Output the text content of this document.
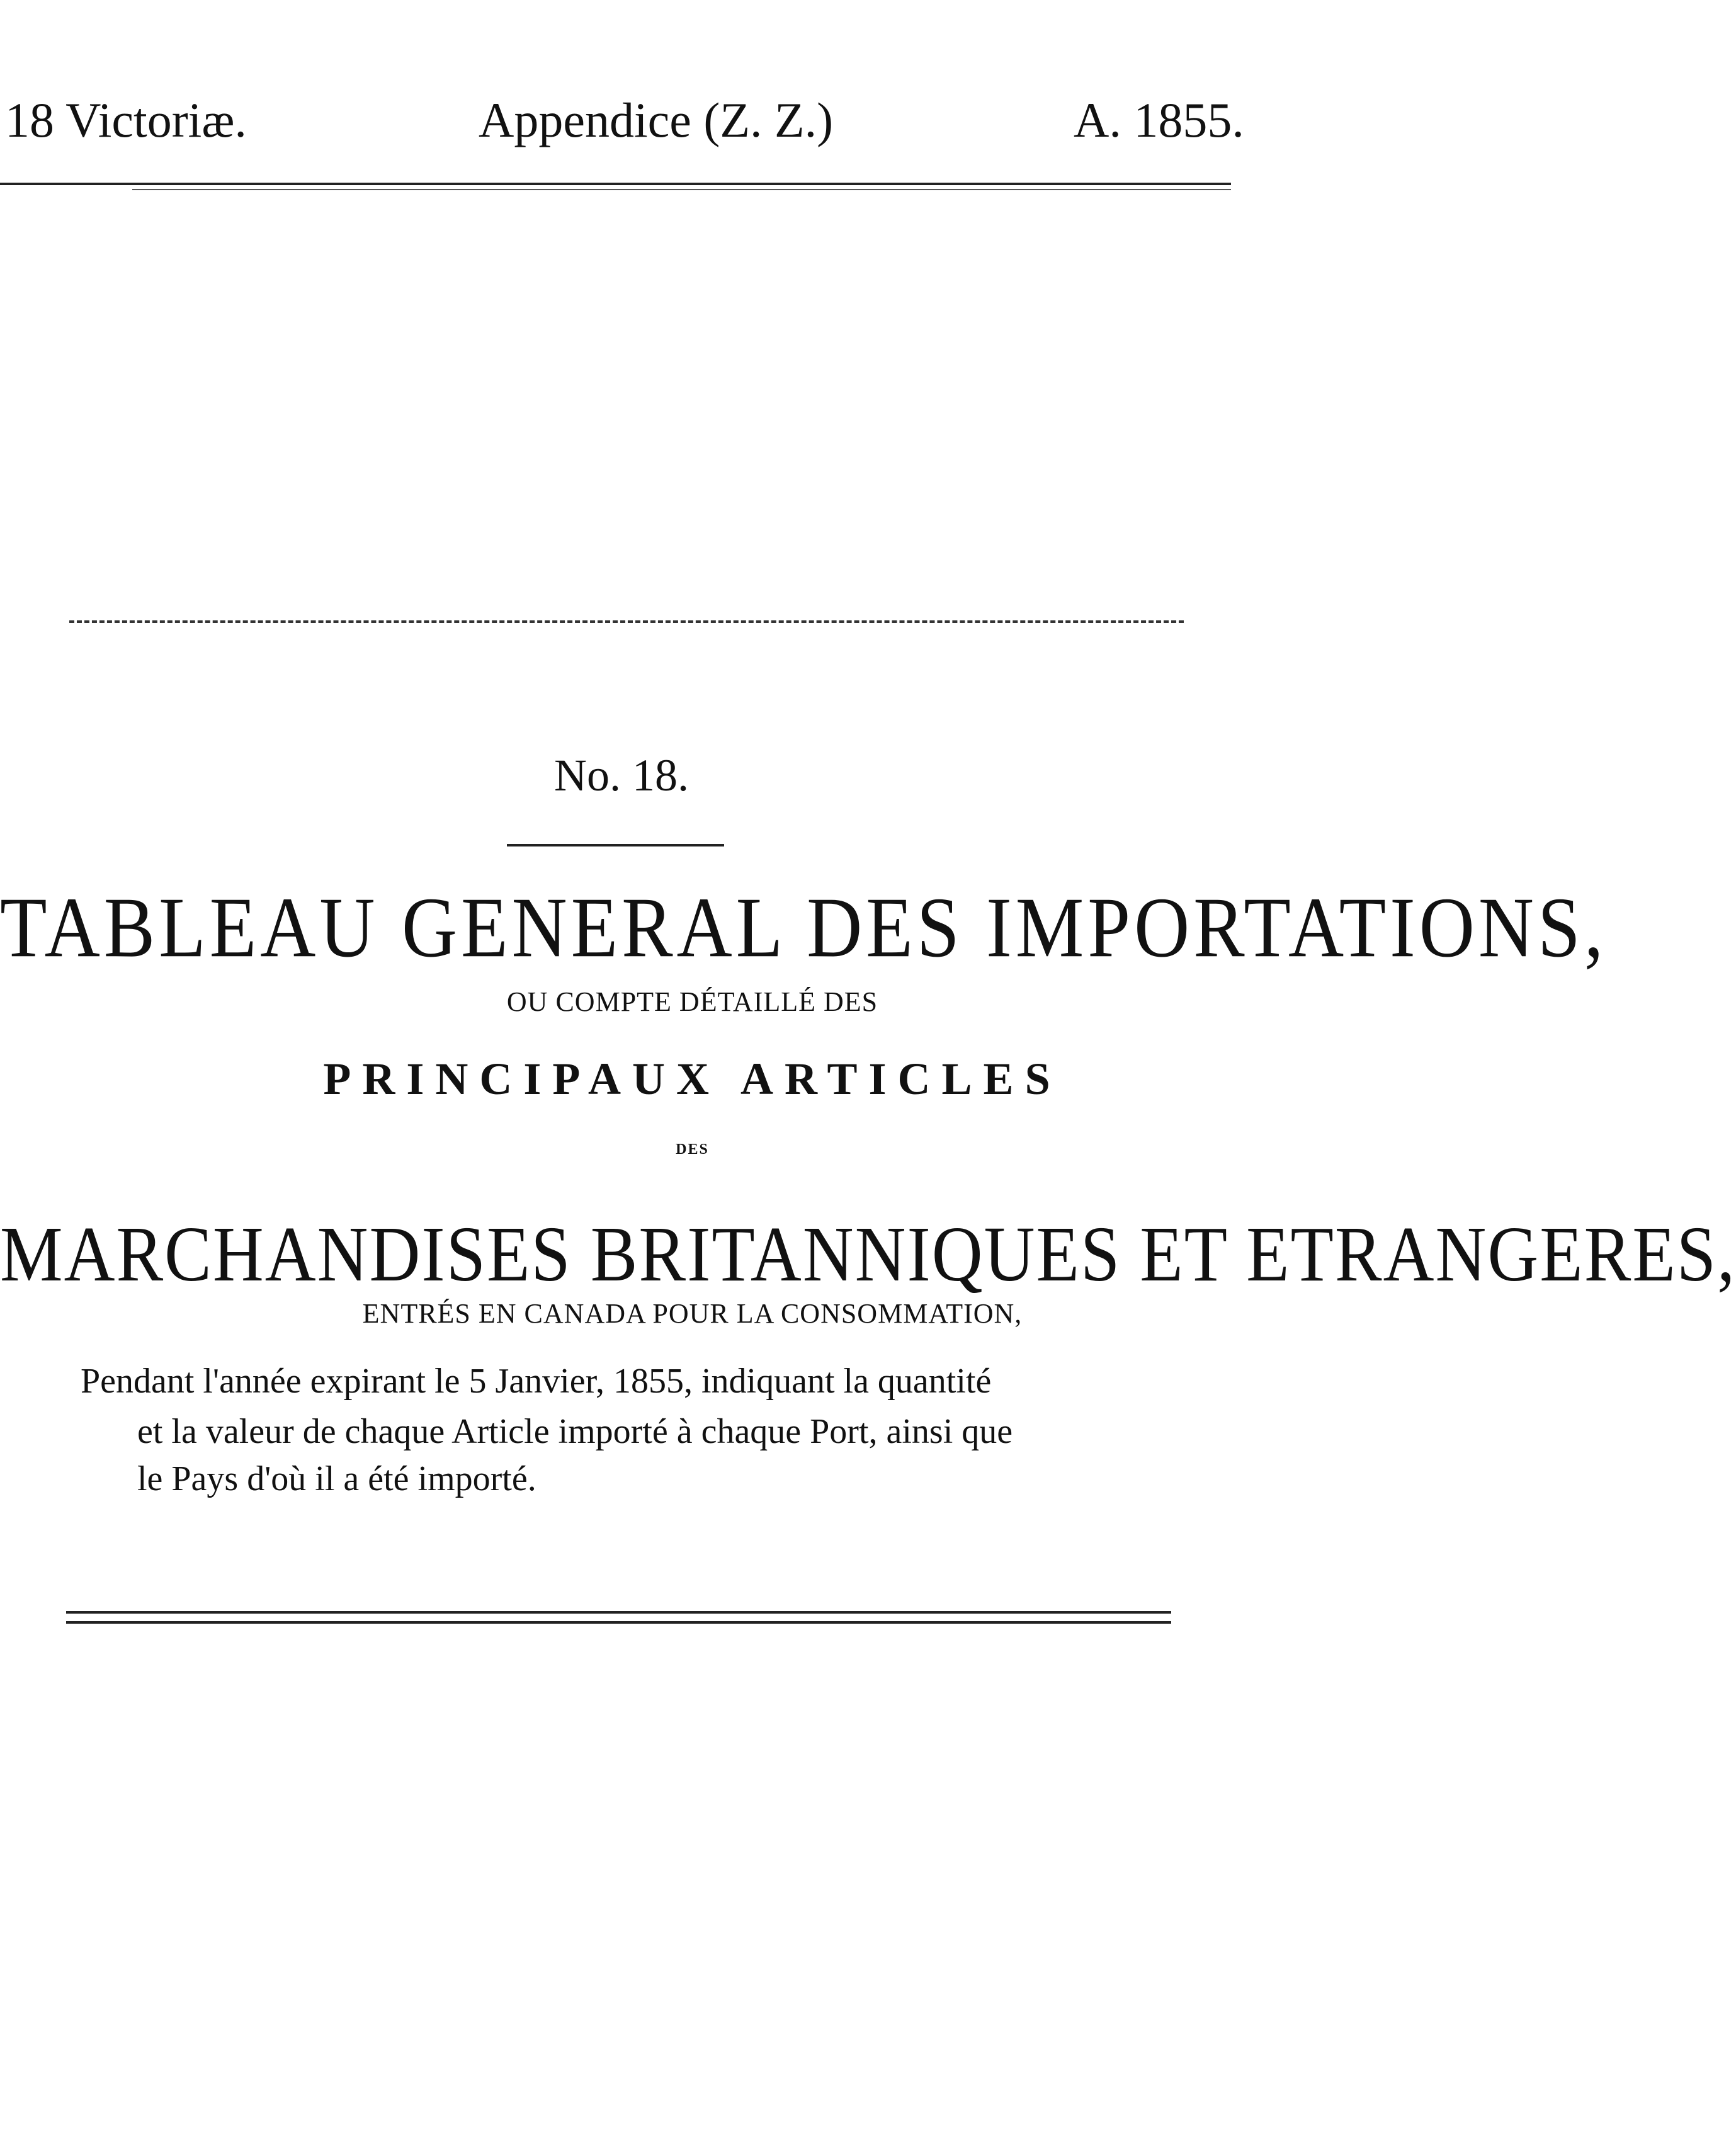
18 Victoriæ.	Appendice (Z. Z.)	A. 1855.
No. 18.
TABLEAU GENERAL DES IMPORTATIONS,
OU COMPTE DÉTAILLÉ DES
PRINCIPAUX ARTICLES
DES
MARCHANDISES BRITANNIQUES ET ETRANGERES,
ENTRÉS EN CANADA POUR LA CONSOMMATION,
Pendant l'année expirant le 5 Janvier, 1855, indiquant la quantité
et la valeur de chaque Article importé à chaque Port, ainsi que
le Pays d'où il a été importé.
